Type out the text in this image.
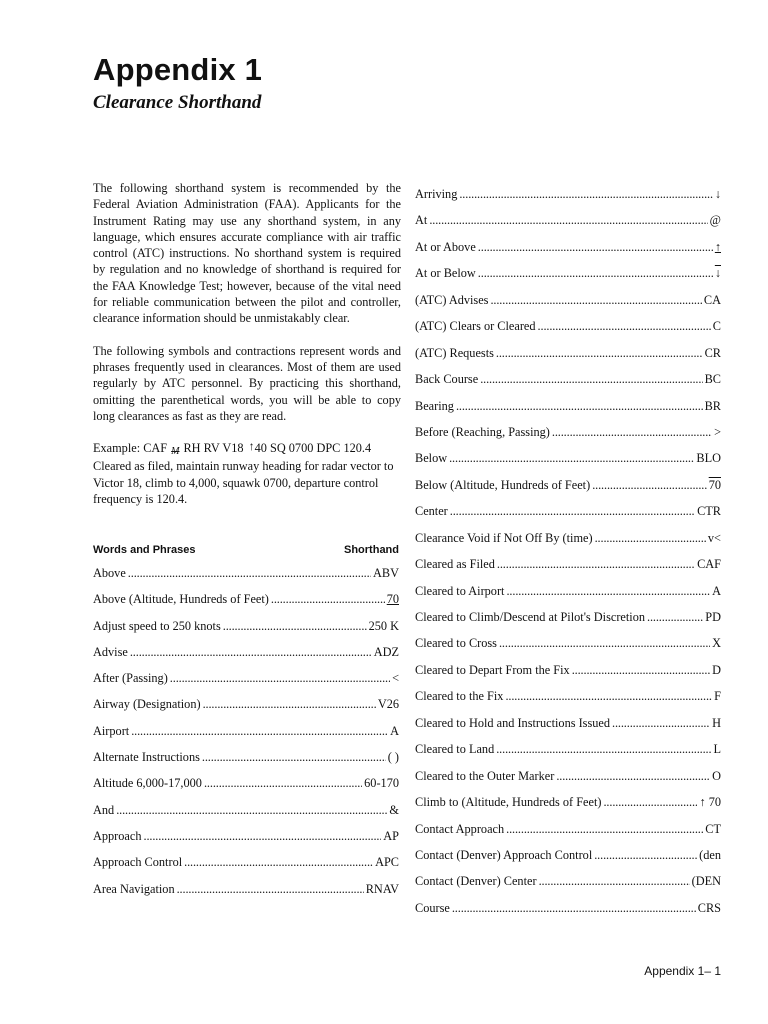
Appendix 1
Clearance Shorthand

The following shorthand system is recommended by the Federal Aviation Administration (FAA). Applicants for the Instrument Rating may use any shorthand system, in any language, which ensures accurate compliance with air traffic control (ATC) instructions. No shorthand system is required by regulation and no knowledge of shorthand is required for the FAA Knowledge Test; however, because of the vital need for reliable communication between the pilot and controller, clearance information should be unmistakably clear.

The following symbols and contractions represent words and phrases frequently used in clearances. Most of them are used regularly by ATC personnel. By practicing this shorthand, omitting the parenthetical words, you will be able to copy long clearances as fast as they are read.

Example: CAF M RH RV V18 ↑40 SQ 0700 DPC 120.4 Cleared as filed, maintain runway heading for radar vector to Victor 18, climb to 4,000, squawk 0700, departure control frequency is 120.4.

Words and Phrases	Shorthand
Above . . .	ABV
Above (Altitude, Hundreds of Feet) . . .	70
Adjust speed to 250 knots . . .	250 K
Advise . . .	ADZ
After (Passing) . . .	<
Airway (Designation) . . .	V26
Airport . . .	A
Alternate Instructions . . .	( )
Altitude 6,000-17,000 . . .	60-170
And . . .	&
Approach . . .	AP
Approach Control . . .	APC
Area Navigation . . .	RNAV
Arriving . . .	↓
At . . .	@
At or Above . . .	↑
At or Below . . .	↓
(ATC) Advises . . .	CA
(ATC) Clears or Cleared . . .	C
(ATC) Requests . . .	CR
Back Course . . .	BC
Bearing . . .	BR
Before (Reaching, Passing) . . .	>
Below . . .	BLO
Below (Altitude, Hundreds of Feet) . . .	70
Center . . .	CTR
Clearance Void if Not Off By (time) . . .	v<
Cleared as Filed . . .	CAF
Cleared to Airport . . .	A
Cleared to Climb/Descend at Pilot's Discretion . . .	PD
Cleared to Cross . . .	X
Cleared to Depart From the Fix . . .	D
Cleared to the Fix . . .	F
Cleared to Hold and Instructions Issued . . .	H
Cleared to Land . . .	L
Cleared to the Outer Marker . . .	O
Climb to (Altitude, Hundreds of Feet) . . .	↑ 70
Contact Approach . . .	CT
Contact (Denver) Approach Control . . .	(den
Contact (Denver) Center . . .	(DEN
Course . . .	CRS
Appendix 1– 1
